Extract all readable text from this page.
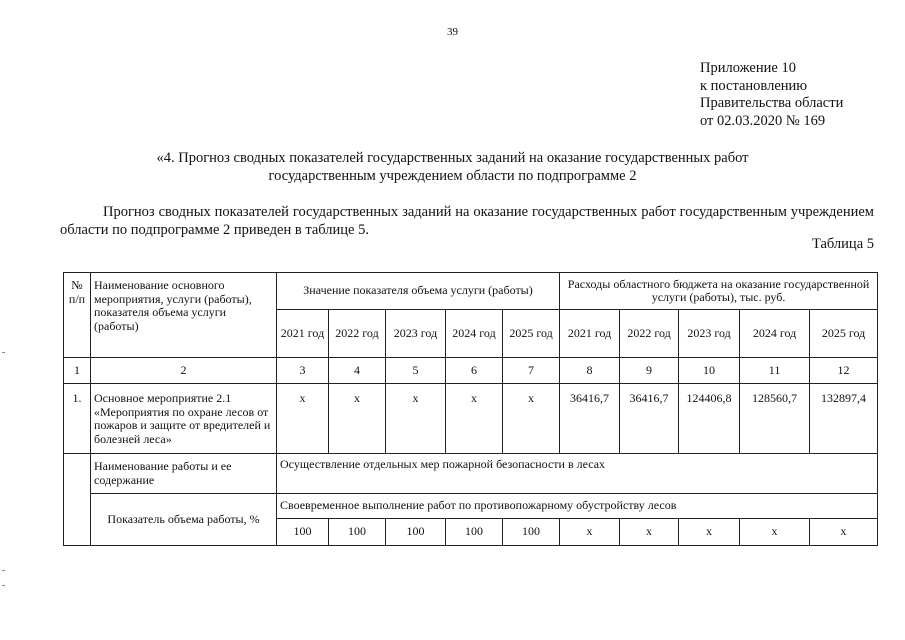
39
Приложение 10
к постановлению
Правительства области
от 02.03.2020 № 169
«4. Прогноз сводных показателей государственных заданий на оказание государственных работ
государственным учреждением области по подпрограмме 2
Прогноз сводных показателей государственных заданий на оказание государственных работ государственным учреждением области по подпрограмме 2 приведен в таблице 5.
Таблица 5
№ п/п	Наименование основного мероприятия, услуги (работы), показателя объема услуги (работы)	Значение показателя объема услуги (работы)					Расходы областного бюджета на оказание государственной услуги (работы), тыс. руб.				
		2021 год	2022 год	2023 год	2024 год	2025 год	2021 год	2022 год	2023 год	2024 год	2025 год
1	2	3	4	5	6	7	8	9	10	11	12
1.	Основное мероприятие 2.1 «Мероприятия по охране лесов от пожаров и защите от вредителей и болезней леса»	х	х	х	х	х	36416,7	36416,7	124406,8	128560,7	132897,4
	Наименование работы и ее содержание	Осуществление отдельных мер пожарной безопасности в лесах									
	Показатель объема работы, %	Своевременное выполнение работ по противопожарному обустройству лесов									
		100	100	100	100	100	х	х	х	х	х
